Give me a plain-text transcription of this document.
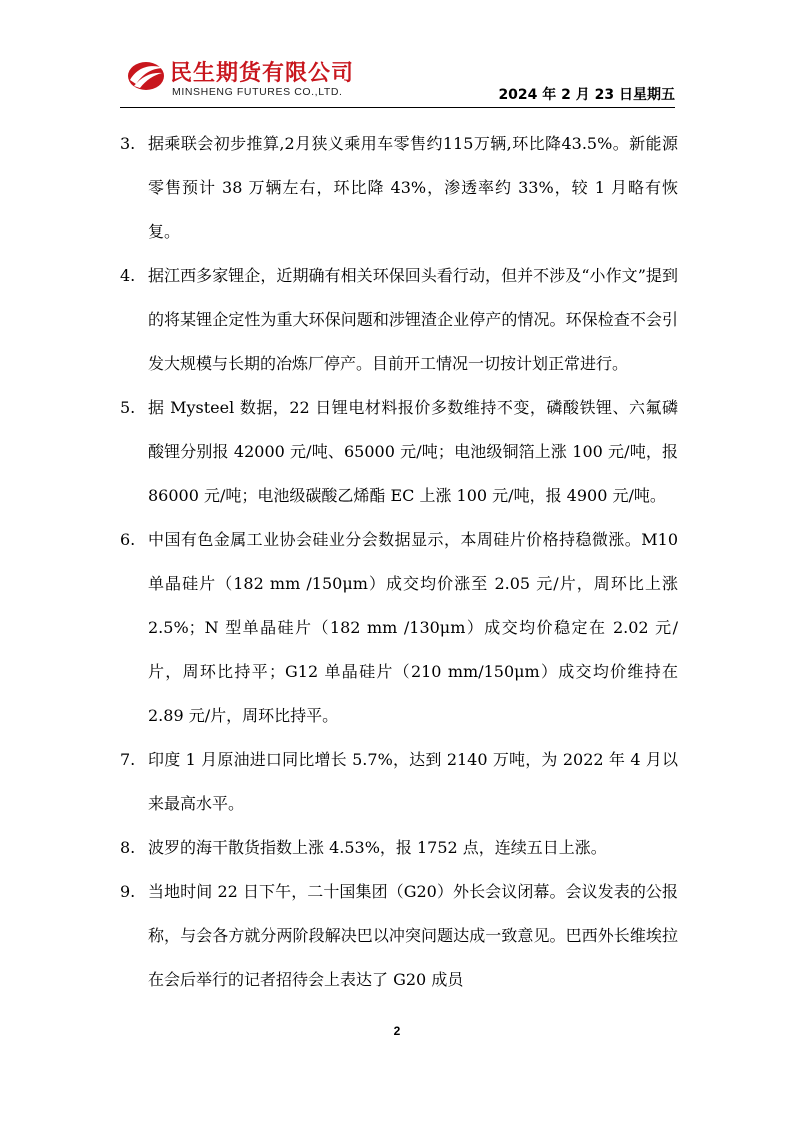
民生期货有限公司
MINSHENG FUTURES CO.,LTD.	2024 年 2 月 23 日星期五
3. 据乘联会初步推算,2月狭义乘用车零售约115万辆,环比降43.5%。新能源零售预计 38 万辆左右，环比降 43%，渗透率约 33%，较 1 月略有恢复。
4. 据江西多家锂企，近期确有相关环保回头看行动，但并不涉及“小作文”提到的将某锂企定性为重大环保问题和涉锂渣企业停产的情况。环保检查不会引发大规模与长期的冶炼厂停产。目前开工情况一切按计划正常进行。
5. 据 Mysteel 数据，22 日锂电材料报价多数维持不变，磷酸铁锂、六氟磷酸锂分别报 42000 元/吨、65000 元/吨；电池级铜箔上涨 100 元/吨，报 86000 元/吨；电池级碳酸乙烯酯 EC 上涨 100 元/吨，报 4900 元/吨。
6. 中国有色金属工业协会硅业分会数据显示，本周硅片价格持稳微涨。M10 单晶硅片（182 mm /150μm）成交均价涨至 2.05 元/片，周环比上涨 2.5%；N 型单晶硅片（182 mm /130μm）成交均价稳定在 2.02 元/片，周环比持平；G12 单晶硅片（210 mm/150μm）成交均价维持在 2.89 元/片，周环比持平。
7. 印度 1 月原油进口同比增长 5.7%，达到 2140 万吨，为 2022 年 4 月以来最高水平。
8. 波罗的海干散货指数上涨 4.53%，报 1752 点，连续五日上涨。
9. 当地时间 22 日下午，二十国集团（G20）外长会议闭幕。会议发表的公报称，与会各方就分两阶段解决巴以冲突问题达成一致意见。巴西外长维埃拉在会后举行的记者招待会上表达了 G20 成员
2
